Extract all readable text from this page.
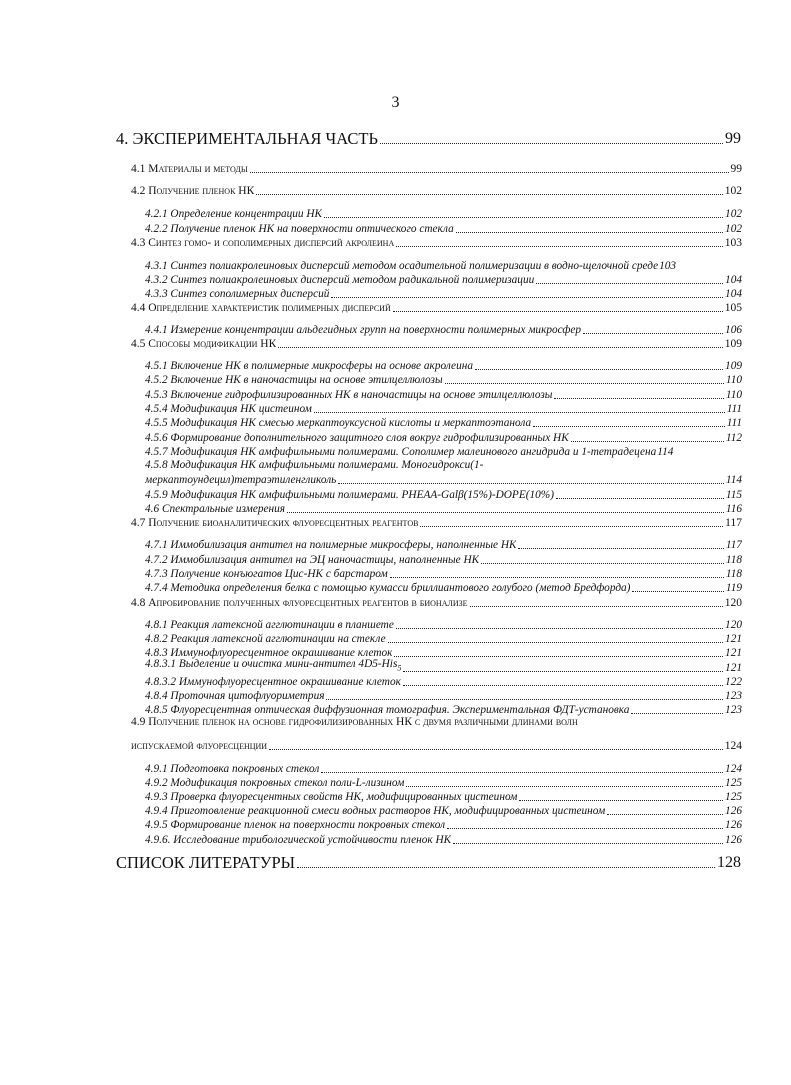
3
4. ЭКСПЕРИМЕНТАЛЬНАЯ ЧАСТЬ	99
4.1 Материалы и методы	99
4.2 Получение пленок НК	102
4.2.1 Определение концентрации НК	102
4.2.2 Получение пленок НК на поверхности оптического стекла	102
4.3 Синтез гомо- и сополимерных дисперсий акролеина	103
4.3.1 Синтез полиакролеиновых дисперсий методом осадительной полимеризации в водно-щелочной среде 103
4.3.2 Синтез полиакролеиновых дисперсий методом радикальной полимеризации	104
4.3.3 Синтез сополимерных дисперсий	104
4.4 Определение характеристик полимерных дисперсий	105
4.4.1 Измерение концентрации альдегидных групп на поверхности полимерных микросфер	106
4.5 Способы модификации НК	109
4.5.1 Включение НК в полимерные микросферы на основе акролеина	109
4.5.2 Включение НК в наночастицы на основе этилцеллюлозы	110
4.5.3 Включение гидрофилизированных НК в наночастицы на основе этилцеллюлозы	110
4.5.4 Модификация НК цистеином	111
4.5.5 Модификация НК смесью меркаптоуксусной кислоты и меркаптоэтанола	111
4.5.6 Формирование дополнительного защитного слоя вокруг гидрофилизированных НК	112
4.5.7 Модификация НК амфифильными полимерами. Сополимер малеинового ангидрида и 1-тетрадецена 114
4.5.8 Модификация НК амфифильными полимерами. Моногидрокси(1-
меркаптоундецил)тетраэтиленгликоль	114
4.5.9 Модификация НК амфифильными полимерами. PHEAA-Galβ(15%)-DOPE(10%)	115
4.6 Спектральные измерения	116
4.7 Получение биоаналитических флуоресцентных реагентов	117
4.7.1 Иммобилизация антител на полимерные микросферы, наполненные НК	117
4.7.2 Иммобилизация антител на ЭЦ наночастицы, наполненные НК	118
4.7.3 Получение конъюгатов Цис-НК с барстаром	118
4.7.4 Методика определения белка с помощью кумасси бриллиантового голубого (метод Бредфорда)	119
4.8 Апробирование полученных флуоресцентных реагентов в бионализе	120
4.8.1 Реакция латексной агглютинации в планшете	120
4.8.2 Реакция латексной агглютинации на стекле	121
4.8.3 Иммунофлуоресцентное окрашивание клеток	121
4.8.3.1 Выделение и очистка мини-антител 4D5-His$_5$	121
4.8.3.2 Иммунофлуоресцентное окрашивание клеток	122
4.8.4 Проточная цитофлуориметрия	123
4.8.5 Флуоресцентная оптическая диффузионная томография. Экспериментальная ФДТ-установка	123
4.9 Получение пленок на основе гидрофилизированных НК с двумя различными длинами волн
испускаемой флуоресценции	124
4.9.1 Подготовка покровных стекол	124
4.9.2 Модификация покровных стекол поли-L-лизином	125
4.9.3 Проверка флуоресцентных свойств НК, модифицированных цистеином	125
4.9.4 Приготовление реакционной смеси водных растворов НК, модифицированных цистеином	126
4.9.5 Формирование пленок на поверхности покровных стекол	126
4.9.6. Исследование трибологической устойчивости пленок НК	126
СПИСОК ЛИТЕРАТУРЫ	128
